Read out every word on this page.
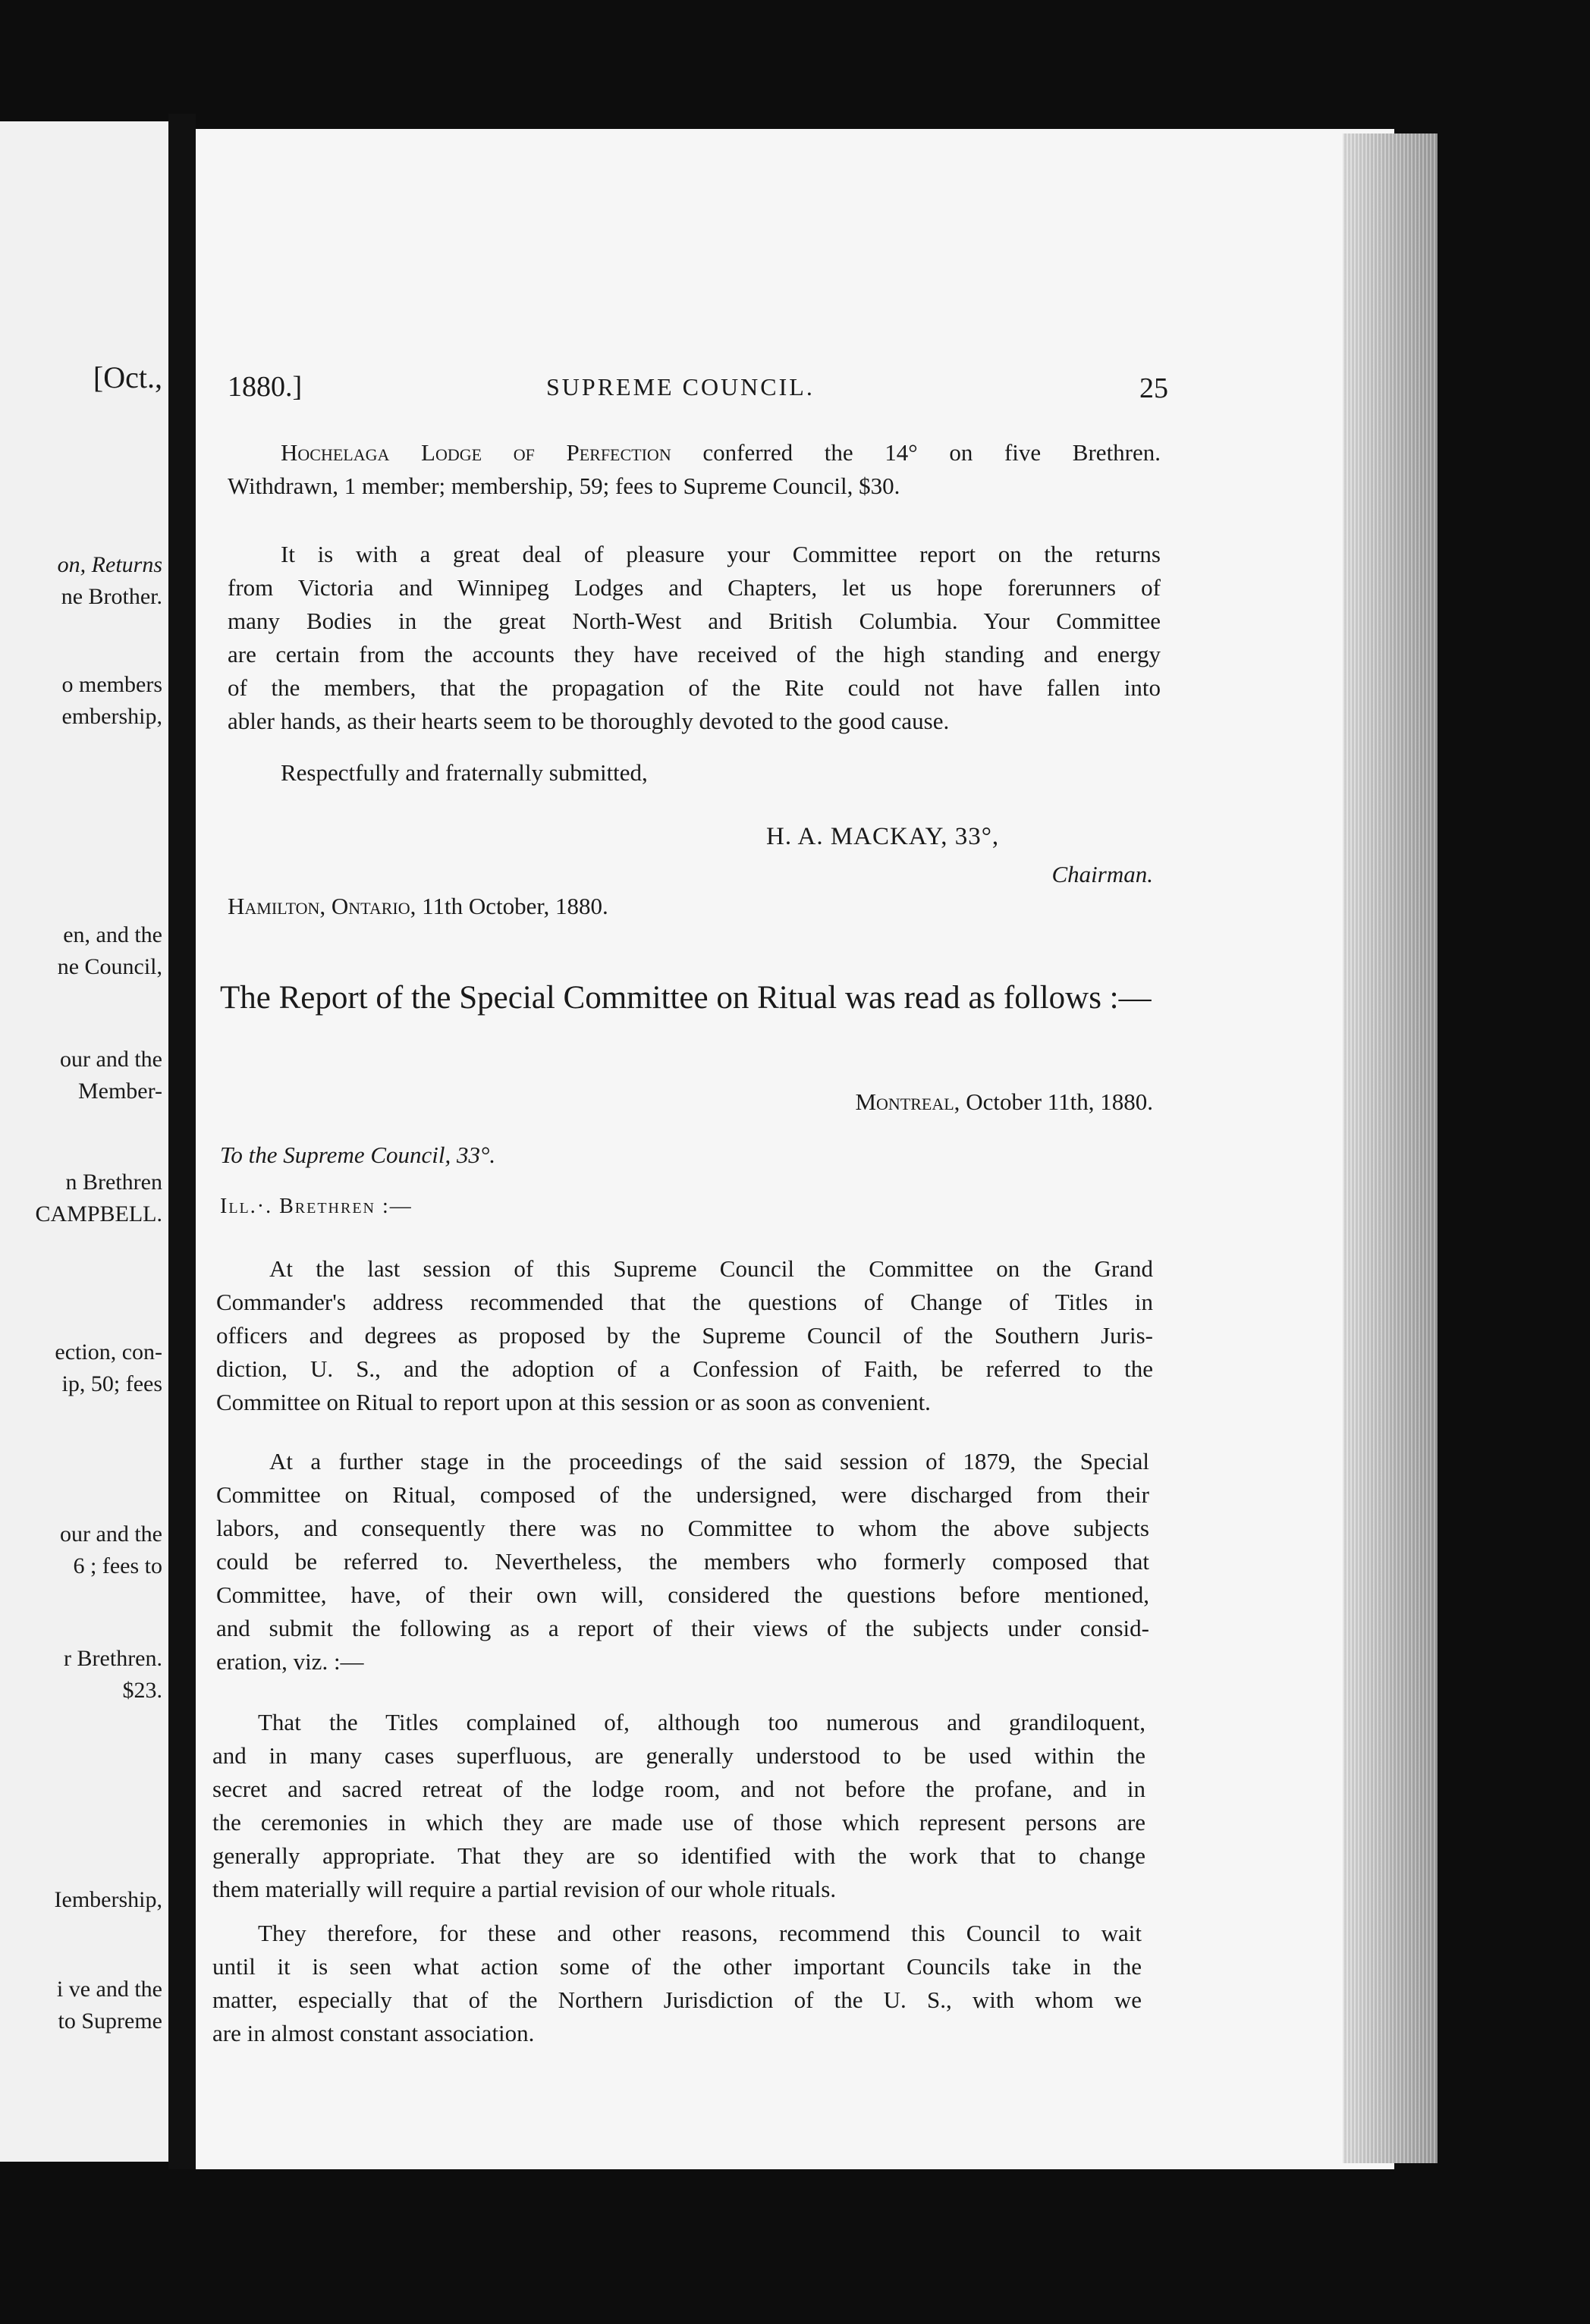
[Oct.,
on, Returns
ne Brother.
o members
embership,
en, and the
ne Council,
our and the
Member-
n Brethren
CAMPBELL.
ection, con-
ip, 50; fees
our and the
6 ; fees to
r Brethren.
$23.
Iembership,
i ve and the
to Supreme
1880.]	SUPREME COUNCIL.	25
Hochelaga Lodge of Perfection conferred the 14° on five Brethren.
Withdrawn, 1 member; membership, 59; fees to Supreme Council, $30.
It is with a great deal of pleasure your Committee report on the returns
from Victoria and Winnipeg Lodges and Chapters, let us hope forerunners of
many Bodies in the great North-West and British Columbia. Your Committee
are certain from the accounts they have received of the high standing and energy
of the members, that the propagation of the Rite could not have fallen into
abler hands, as their hearts seem to be thoroughly devoted to the good cause.
Respectfully and fraternally submitted,
H. A. MACKAY, 33°,
Chairman.
Hamilton, Ontario, 11th October, 1880.
The Report of the Special Committee on Ritual was read as follows :—
Montreal, October 11th, 1880.
To the Supreme Council, 33°.
Ill.·. Brethren :—
At the last session of this Supreme Council the Committee on the Grand
Commander's address recommended that the questions of Change of Titles in
officers and degrees as proposed by the Supreme Council of the Southern Juris-
diction, U. S., and the adoption of a Confession of Faith, be referred to the
Committee on Ritual to report upon at this session or as soon as convenient.
At a further stage in the proceedings of the said session of 1879, the Special
Committee on Ritual, composed of the undersigned, were discharged from their
labors, and consequently there was no Committee to whom the above subjects
could be referred to. Nevertheless, the members who formerly composed that
Committee, have, of their own will, considered the questions before mentioned,
and submit the following as a report of their views of the subjects under consid-
eration, viz. :—
That the Titles complained of, although too numerous and grandiloquent,
and in many cases superfluous, are generally understood to be used within the
secret and sacred retreat of the lodge room, and not before the profane, and in
the ceremonies in which they are made use of those which represent persons are
generally appropriate. That they are so identified with the work that to change
them materially will require a partial revision of our whole rituals.
They therefore, for these and other reasons, recommend this Council to wait
until it is seen what action some of the other important Councils take in the
matter, especially that of the Northern Jurisdiction of the U. S., with whom we
are in almost constant association.
